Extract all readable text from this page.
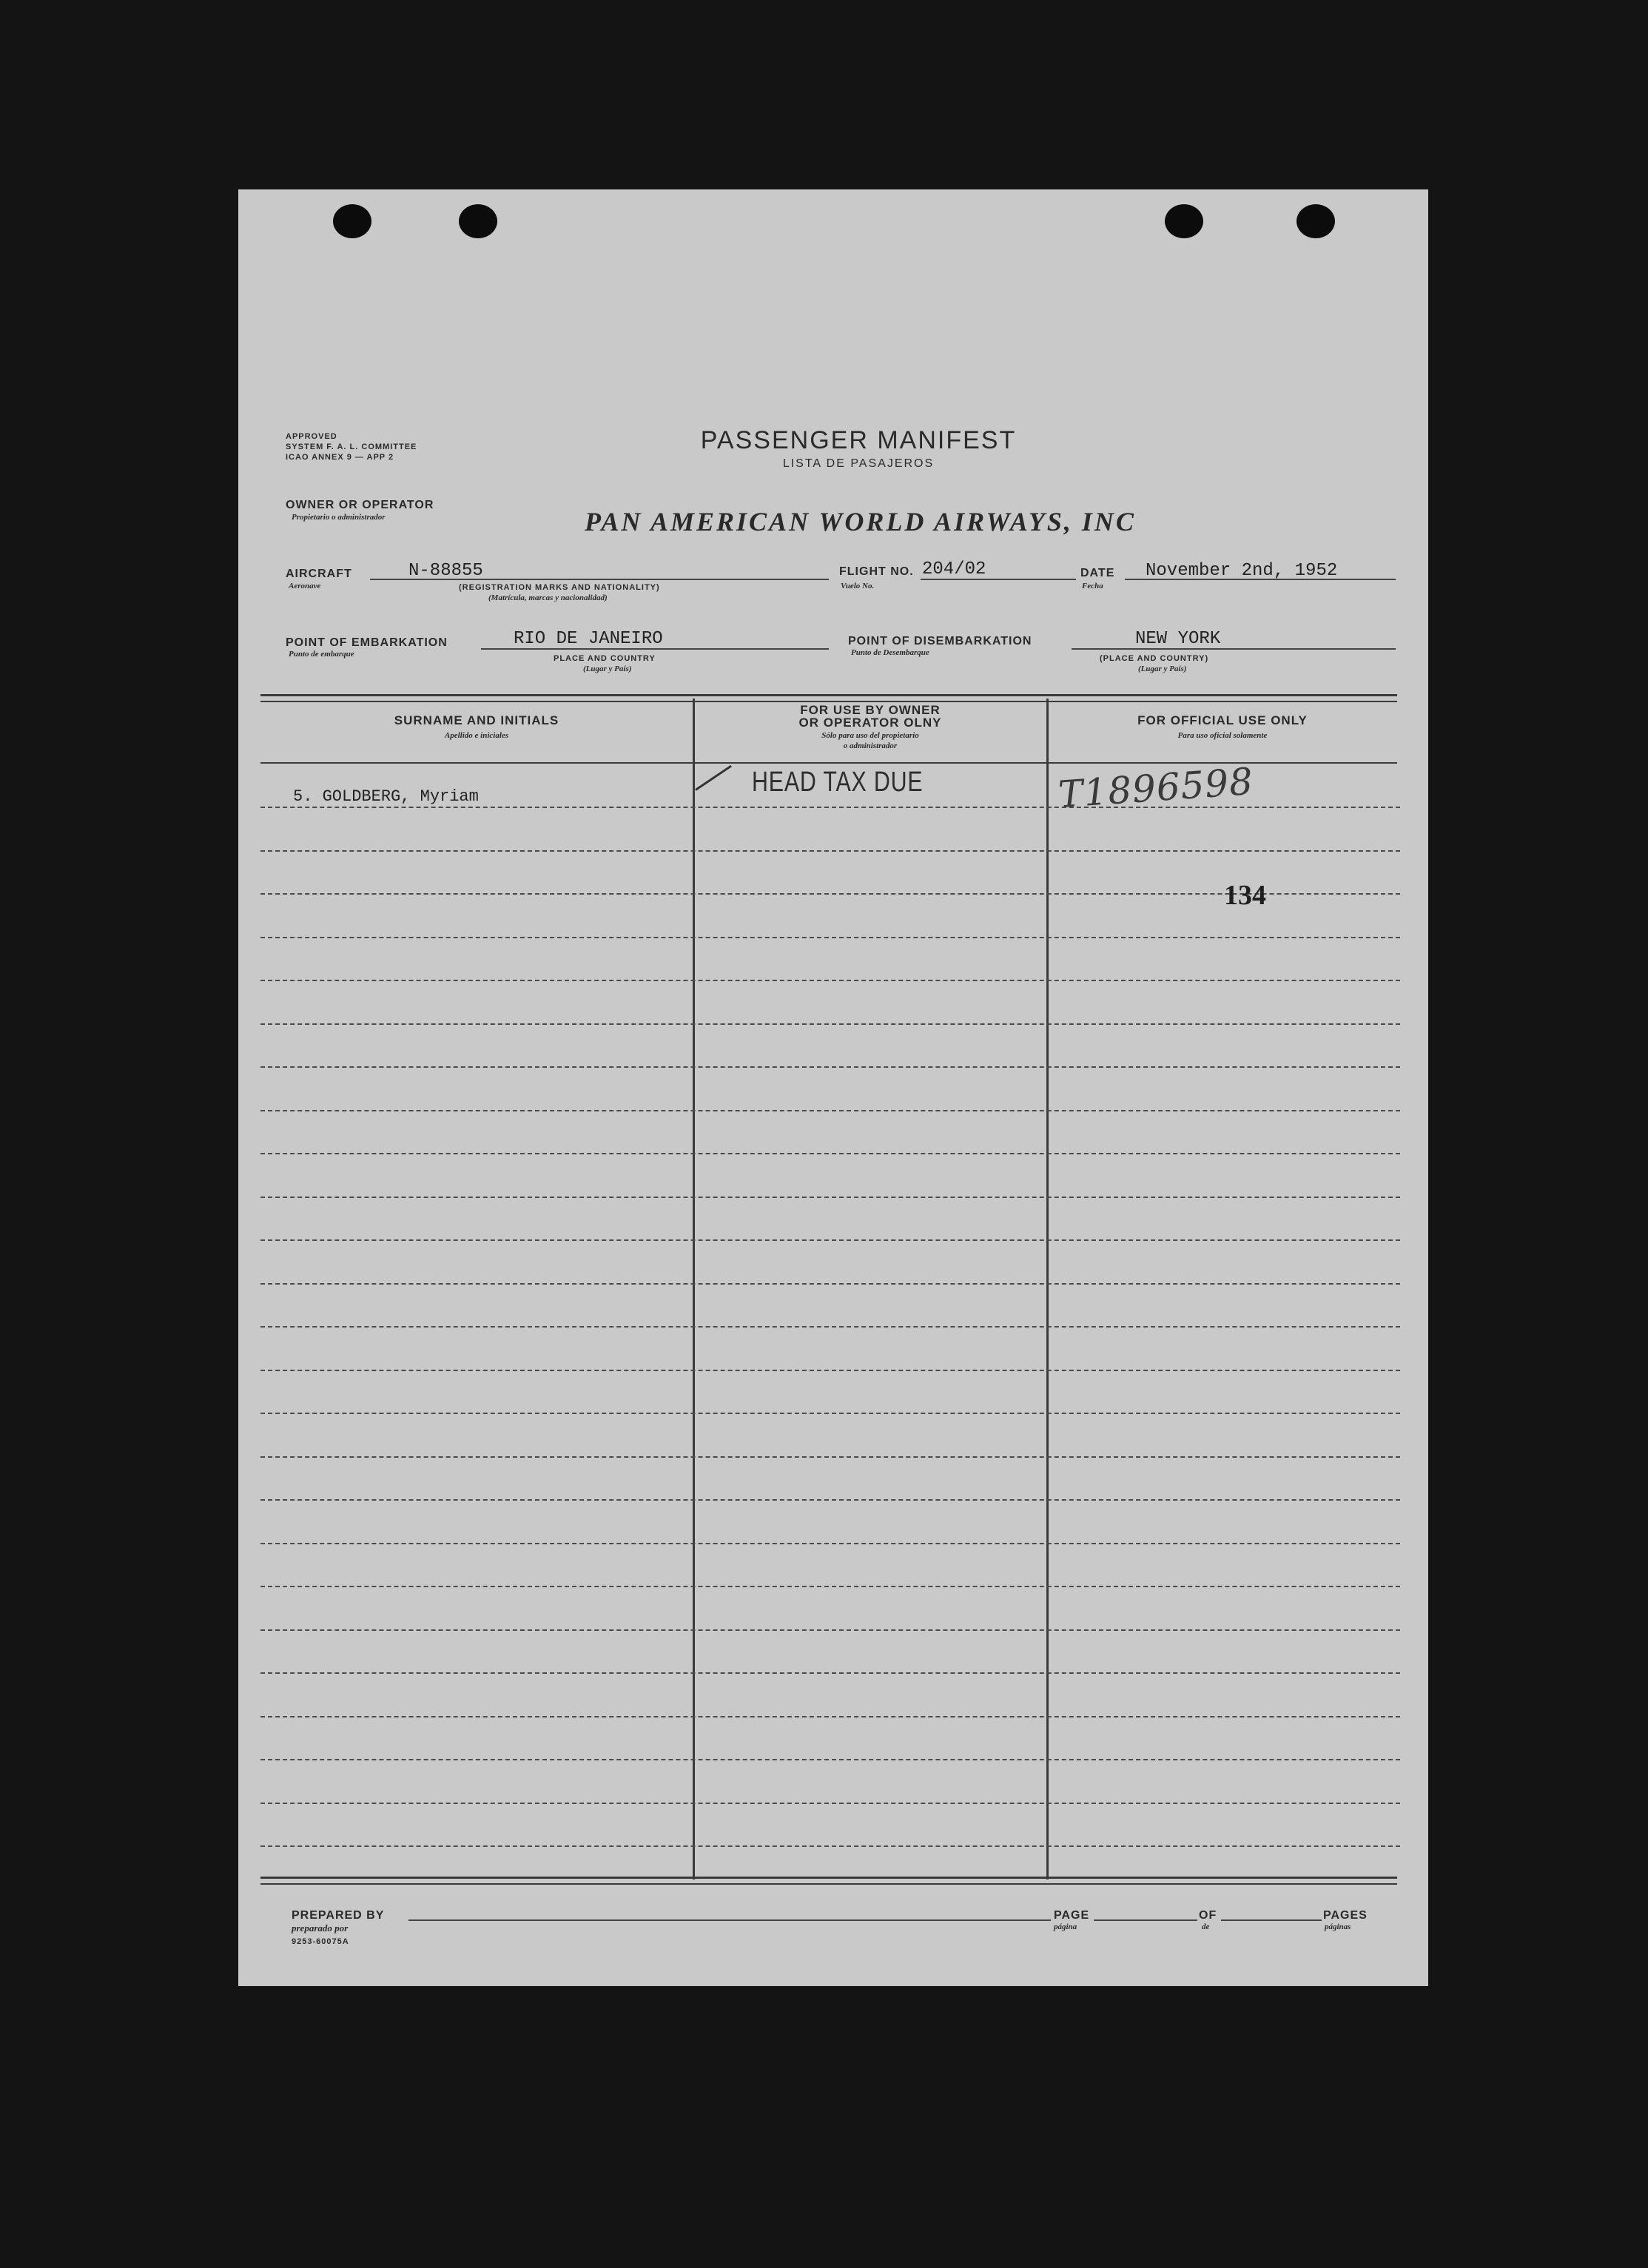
APPROVED
SYSTEM F. A. L. COMMITTEE
ICAO ANNEX 9 — APP 2
PASSENGER MANIFEST
LISTA DE PASAJEROS
OWNER OR OPERATOR
Propietario o administrador	PAN AMERICAN WORLD AIRWAYS, INC
AIRCRAFT
Aeronave
N-88855
(REGISTRATION MARKS AND NATIONALITY)
(Matrícula, marcas y nacionalidad)
FLIGHT NO.
Vuelo No.
204/02	DATE
Fecha
November 2nd, 1952
POINT OF EMBARKATION
Punto de embarque
RIO DE JANEIRO
PLACE AND COUNTRY
(Lugar y País)
POINT OF DISEMBARKATION
Punto de Desembarque
NEW YORK
(PLACE AND COUNTRY)
(Lugar y País)
SURNAME AND INITIALS
Apellido e iniciales
FOR USE BY OWNER
OR OPERATOR OLNY
Sólo para uso del propietario
o administrador
FOR OFFICIAL USE ONLY
Para uso oficial solamente
5. GOLDBERG, Myriam	HEAD TAX DUE	T1896598
134
PREPARED BY
preparado por
9253-60075A
PAGE
página
OF
de
PAGES
páginas
